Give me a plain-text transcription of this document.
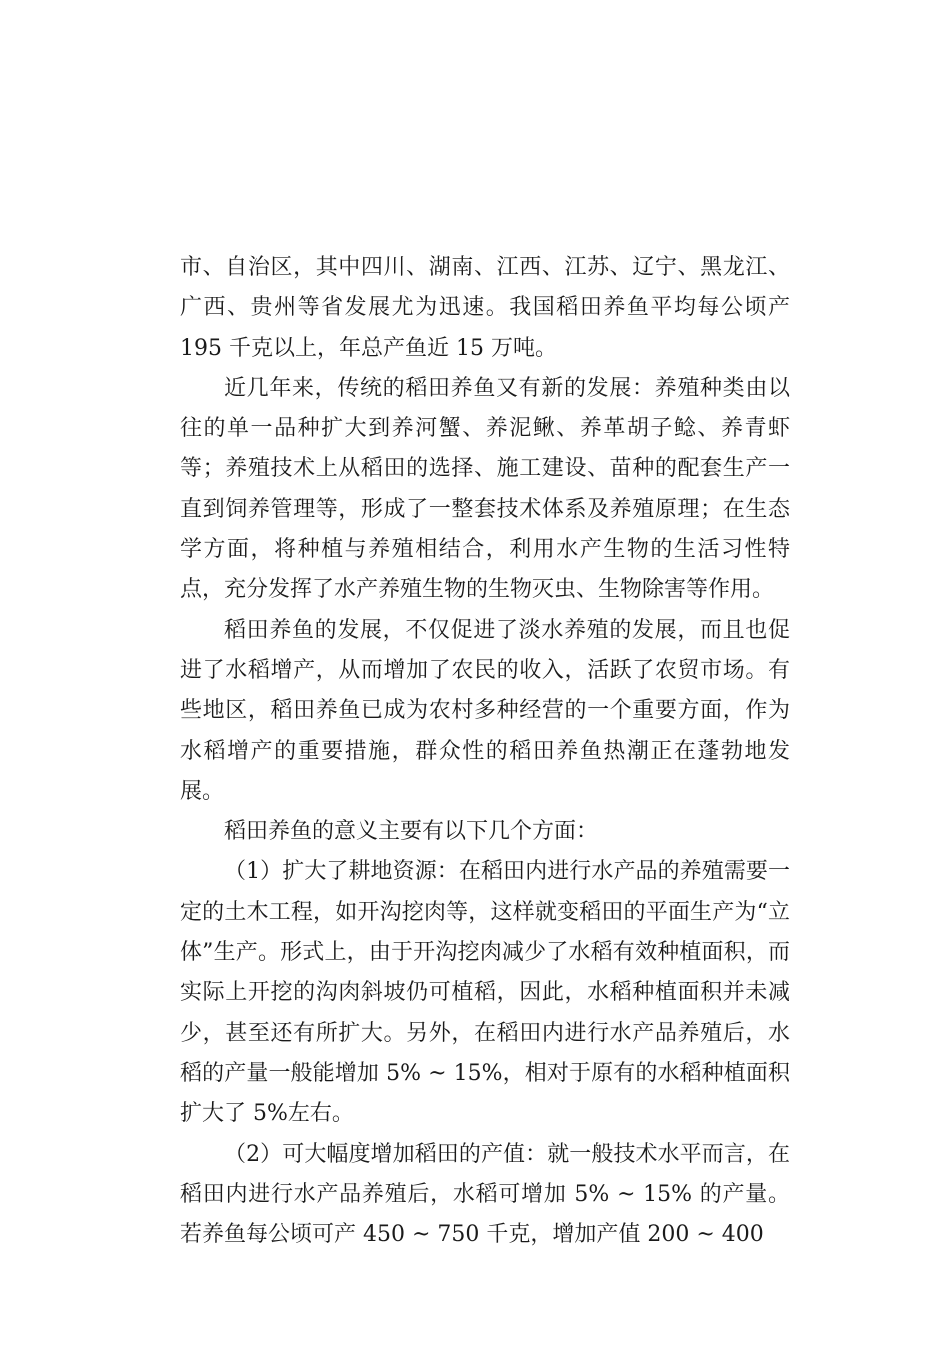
市、自治区，其中四川、湖南、江西、江苏、辽宁、黑龙江、广西、贵州等省发展尤为迅速。我国稻田养鱼平均每公顷产 195 千克以上，年总产鱼近 15 万吨。

近几年来，传统的稻田养鱼又有新的发展：养殖种类由以往的单一品种扩大到养河蟹、养泥鳅、养革胡子鲶、养青虾等；养殖技术上从稻田的选择、施工建设、苗种的配套生产一直到饲养管理等，形成了一整套技术体系及养殖原理；在生态学方面，将种植与养殖相结合，利用水产生物的生活习性特点，充分发挥了水产养殖生物的生物灭虫、生物除害等作用。

稻田养鱼的发展，不仅促进了淡水养殖的发展，而且也促进了水稻增产，从而增加了农民的收入，活跃了农贸市场。有些地区，稻田养鱼已成为农村多种经营的一个重要方面，作为水稻增产的重要措施，群众性的稻田养鱼热潮正在蓬勃地发展。

稻田养鱼的意义主要有以下几个方面：

（1）扩大了耕地资源：在稻田内进行水产品的养殖需要一定的土木工程，如开沟挖肉等，这样就变稻田的平面生产为“立体”生产。形式上，由于开沟挖肉减少了水稻有效种植面积，而实际上开挖的沟肉斜坡仍可植稻，因此，水稻种植面积并未减少，甚至还有所扩大。另外，在稻田内进行水产品养殖后，水稻的产量一般能增加 5% ~ 15%，相对于原有的水稻种植面积扩大了 5%左右。

（2）可大幅度增加稻田的产值：就一般技术水平而言，在稻田内进行水产品养殖后，水稻可增加 5% ~ 15% 的产量。若养鱼每公顷可产 450 ~ 750 千克，增加产值 200 ~ 400
